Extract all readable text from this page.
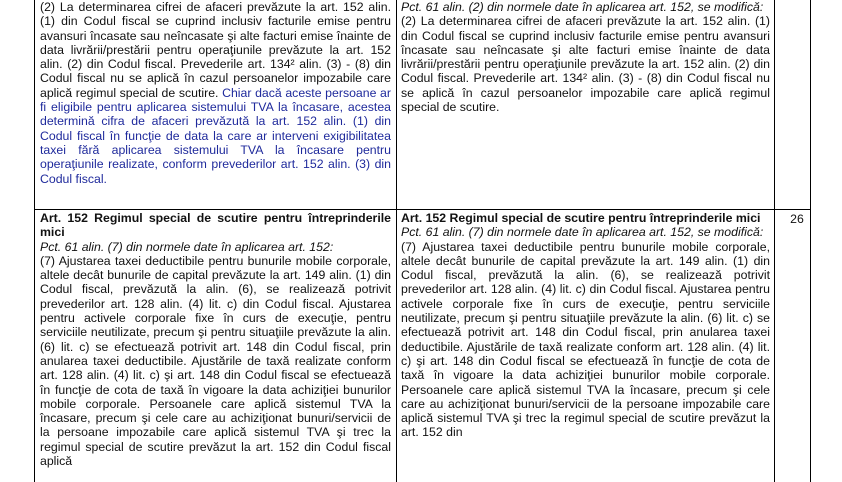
(2) La determinarea cifrei de afaceri prevăzute la art. 152 alin. (1) din Codul fiscal se cuprind inclusiv facturile emise pentru avansuri încasate sau neîncasate şi alte facturi emise înainte de data livrării/prestării pentru operaţiunile prevăzute la art. 152 alin. (2) din Codul fiscal. Prevederile art. 134² alin. (3) - (8) din Codul fiscal nu se aplică în cazul persoanelor impozabile care aplică regimul special de scutire. Chiar dacă aceste persoane ar fi eligibile pentru aplicarea sistemului TVA la încasare, acestea determină cifra de afaceri prevăzută la art. 152 alin. (1) din Codul fiscal în funcţie de data la care ar interveni exigibilitatea taxei fără aplicarea sistemului TVA la încasare pentru operaţiunile realizate, conform prevederilor art. 152 alin. (3) din Codul fiscal.

Pct. 61 alin. (2) din normele date în aplicarea art. 152, se modifică:

(2) La determinarea cifrei de afaceri prevăzute la art. 152 alin. (1) din Codul fiscal se cuprind inclusiv facturile emise pentru avansuri încasate sau neîncasate şi alte facturi emise înainte de data livrării/prestării pentru operaţiunile prevăzute la art. 152 alin. (2) din Codul fiscal. Prevederile art. 134² alin. (3) - (8) din Codul fiscal nu se aplică în cazul persoanelor impozabile care aplică regimul special de scutire.

Art. 152 Regimul special de scutire pentru întreprinderile mici

Pct. 61 alin. (7) din normele date în aplicarea art. 152:

(7) Ajustarea taxei deductibile pentru bunurile mobile corporale, altele decât bunurile de capital prevăzute la art. 149 alin. (1) din Codul fiscal, prevăzută la alin. (6), se realizează potrivit prevederilor art. 128 alin. (4) lit. c) din Codul fiscal. Ajustarea pentru activele corporale fixe în curs de execuţie, pentru serviciile neutilizate, precum şi pentru situaţiile prevăzute la alin. (6) lit. c) se efectuează potrivit art. 148 din Codul fiscal, prin anularea taxei deductibile. Ajustările de taxă realizate conform art. 128 alin. (4) lit. c) şi art. 148 din Codul fiscal se efectuează în funcţie de cota de taxă în vigoare la data achiziţiei bunurilor mobile corporale. Persoanele care aplică sistemul TVA la încasare, precum şi cele care au achiziţionat bunuri/servicii de la persoane impozabile care aplică sistemul TVA şi trec la regimul special de scutire prevăzut la art. 152 din Codul fiscal aplică

Art. 152 Regimul special de scutire pentru întreprinderile mici

Pct. 61 alin. (7) din normele date în aplicarea art. 152, se modifică:

(7) Ajustarea taxei deductibile pentru bunurile mobile corporale, altele decât bunurile de capital prevăzute la art. 149 alin. (1) din Codul fiscal, prevăzută la alin. (6), se realizează potrivit prevederilor art. 128 alin. (4) lit. c) din Codul fiscal. Ajustarea pentru activele corporale fixe în curs de execuţie, pentru serviciile neutilizate, precum şi pentru situaţiile prevăzute la alin. (6) lit. c) se efectuează potrivit art. 148 din Codul fiscal, prin anularea taxei deductibile. Ajustările de taxă realizate conform art. 128 alin. (4) lit. c) şi art. 148 din Codul fiscal se efectuează în funcţie de cota de taxă în vigoare la data achiziţiei bunurilor mobile corporale. Persoanele care aplică sistemul TVA la încasare, precum şi cele care au achiziţionat bunuri/servicii de la persoane impozabile care aplică sistemul TVA şi trec la regimul special de scutire prevăzut la art. 152 din

26
